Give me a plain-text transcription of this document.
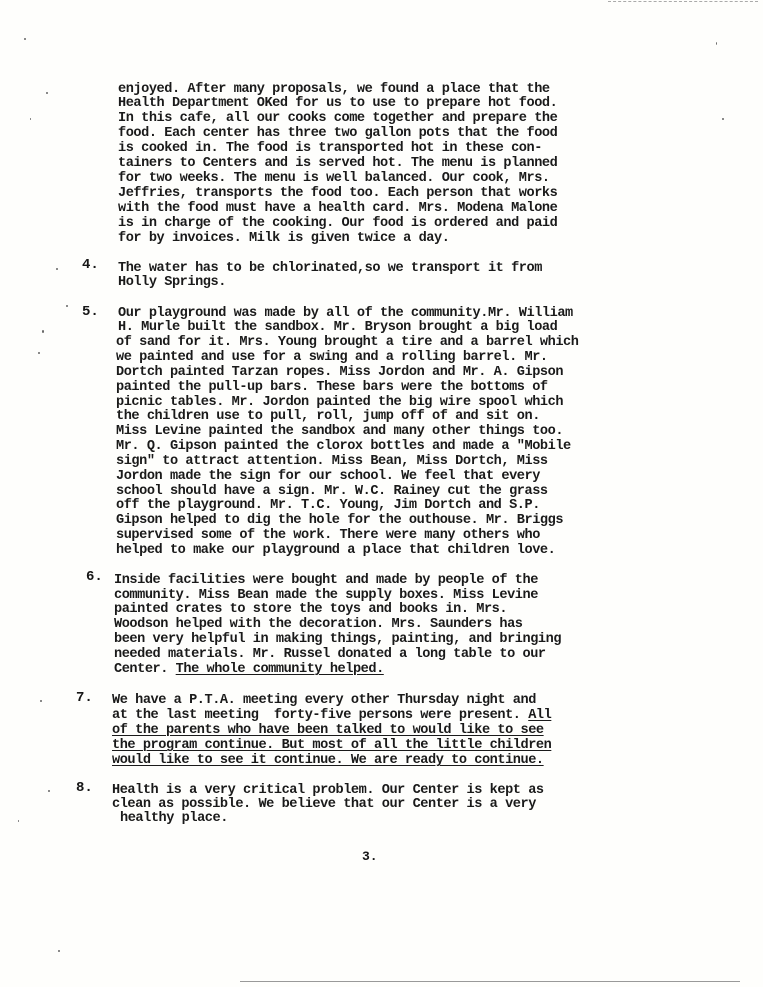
enjoyed. After many proposals, we found a place that the
Health Department OKed for us to use to prepare hot food.
In this cafe, all our cooks come together and prepare the
food. Each center has three two gallon pots that the food
is cooked in. The food is transported hot in these con-
tainers to Centers and is served hot. The menu is planned
for two weeks. The menu is well balanced. Our cook, Mrs.
Jeffries, transports the food too. Each person that works
with the food must have a health card. Mrs. Modena Malone
is in charge of the cooking. Our food is ordered and paid
for by invoices. Milk is given twice a day.
4. The water has to be chlorinated,so we transport it from
Holly Springs.
5. Our playground was made by all of the community.Mr. William
H. Murle built the sandbox. Mr. Bryson brought a big load
of sand for it. Mrs. Young brought a tire and a barrel which
we painted and use for a swing and a rolling barrel. Mr.
Dortch painted Tarzan ropes. Miss Jordon and Mr. A. Gipson
painted the pull-up bars. These bars were the bottoms of
picnic tables. Mr. Jordon painted the big wire spool which
the children use to pull, roll, jump off of and sit on.
Miss Levine painted the sandbox and many other things too.
Mr. Q. Gipson painted the clorox bottles and made a "Mobile
sign" to attract attention. Miss Bean, Miss Dortch, Miss
Jordon made the sign for our school. We feel that every
school should have a sign. Mr. W.C. Rainey cut the grass
off the playground. Mr. T.C. Young, Jim Dortch and S.P.
Gipson helped to dig the hole for the outhouse. Mr. Briggs
supervised some of the work. There were many others who
helped to make our playground a place that children love.
6. Inside facilities were bought and made by people of the
community. Miss Bean made the supply boxes. Miss Levine
painted crates to store the toys and books in. Mrs.
Woodson helped with the decoration. Mrs. Saunders has
been very helpful in making things, painting, and bringing
needed materials. Mr. Russel donated a long table to our
Center. The whole community helped.
7. We have a P.T.A. meeting every other Thursday night and
at the last meeting  forty-five persons were present. All
of the parents who have been talked to would like to see
the program continue. But most of all the little children
would like to see it continue. We are ready to continue.
8. Health is a very critical problem. Our Center is kept as
clean as possible. We believe that our Center is a very
healthy place.
3.
